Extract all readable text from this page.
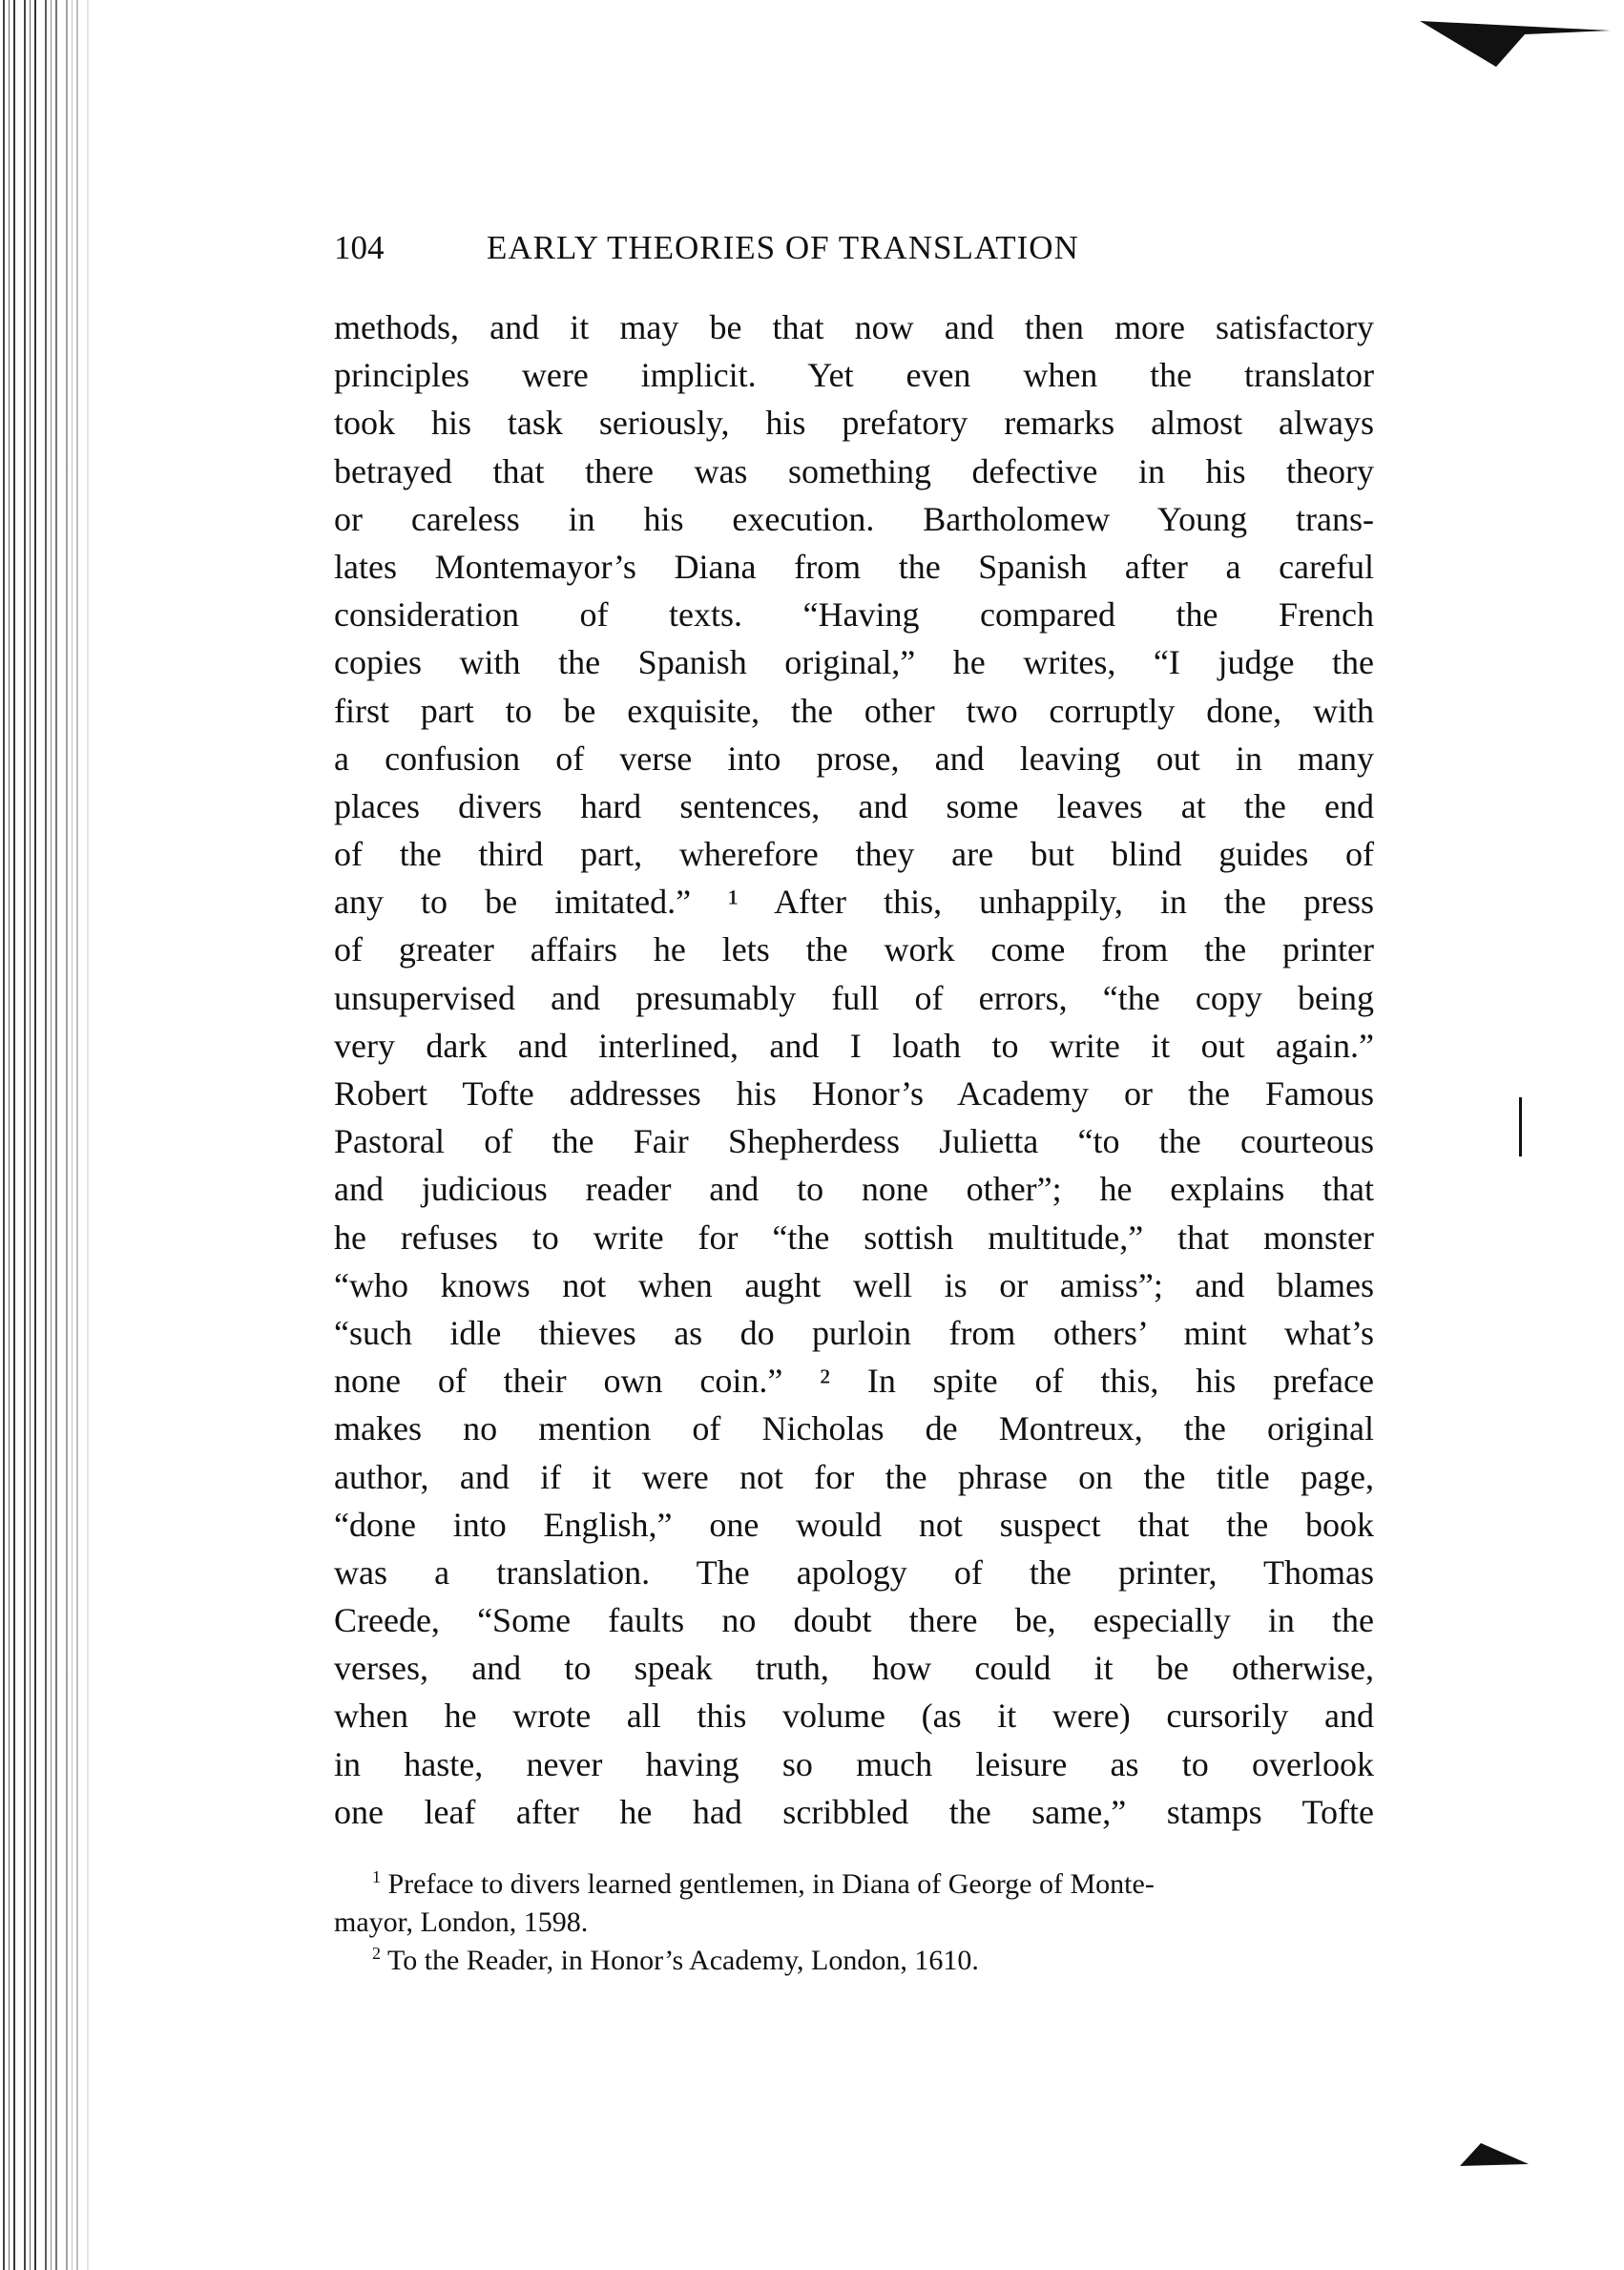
104	EARLY THEORIES OF TRANSLATION
methods, and it may be that now and then more satisfactory
principles were implicit. Yet even when the translator
took his task seriously, his prefatory remarks almost always
betrayed that there was something defective in his theory
or careless in his execution. Bartholomew Young trans-
lates Montemayor’s Diana from the Spanish after a careful
consideration of texts. “Having compared the French
copies with the Spanish original,” he writes, “I judge the
first part to be exquisite, the other two corruptly done, with
a confusion of verse into prose, and leaving out in many
places divers hard sentences, and some leaves at the end
of the third part, wherefore they are but blind guides of
any to be imitated.” ¹ After this, unhappily, in the press
of greater affairs he lets the work come from the printer
unsupervised and presumably full of errors, “the copy being
very dark and interlined, and I loath to write it out again.”
Robert Tofte addresses his Honor’s Academy or the Famous
Pastoral of the Fair Shepherdess Julietta “to the courteous
and judicious reader and to none other”; he explains that
he refuses to write for “the sottish multitude,” that monster
“who knows not when aught well is or amiss”; and blames
“such idle thieves as do purloin from others’ mint what’s
none of their own coin.” ² In spite of this, his preface
makes no mention of Nicholas de Montreux, the original
author, and if it were not for the phrase on the title page,
“done into English,” one would not suspect that the book
was a translation. The apology of the printer, Thomas
Creede, “Some faults no doubt there be, especially in the
verses, and to speak truth, how could it be otherwise,
when he wrote all this volume (as it were) cursorily and
in haste, never having so much leisure as to overlook
one leaf after he had scribbled the same,” stamps Tofte
$^1$ Preface to divers learned gentlemen, in Diana of George of Monte-
mayor, London, 1598.
$^2$ To the Reader, in Honor’s Academy, London, 1610.
